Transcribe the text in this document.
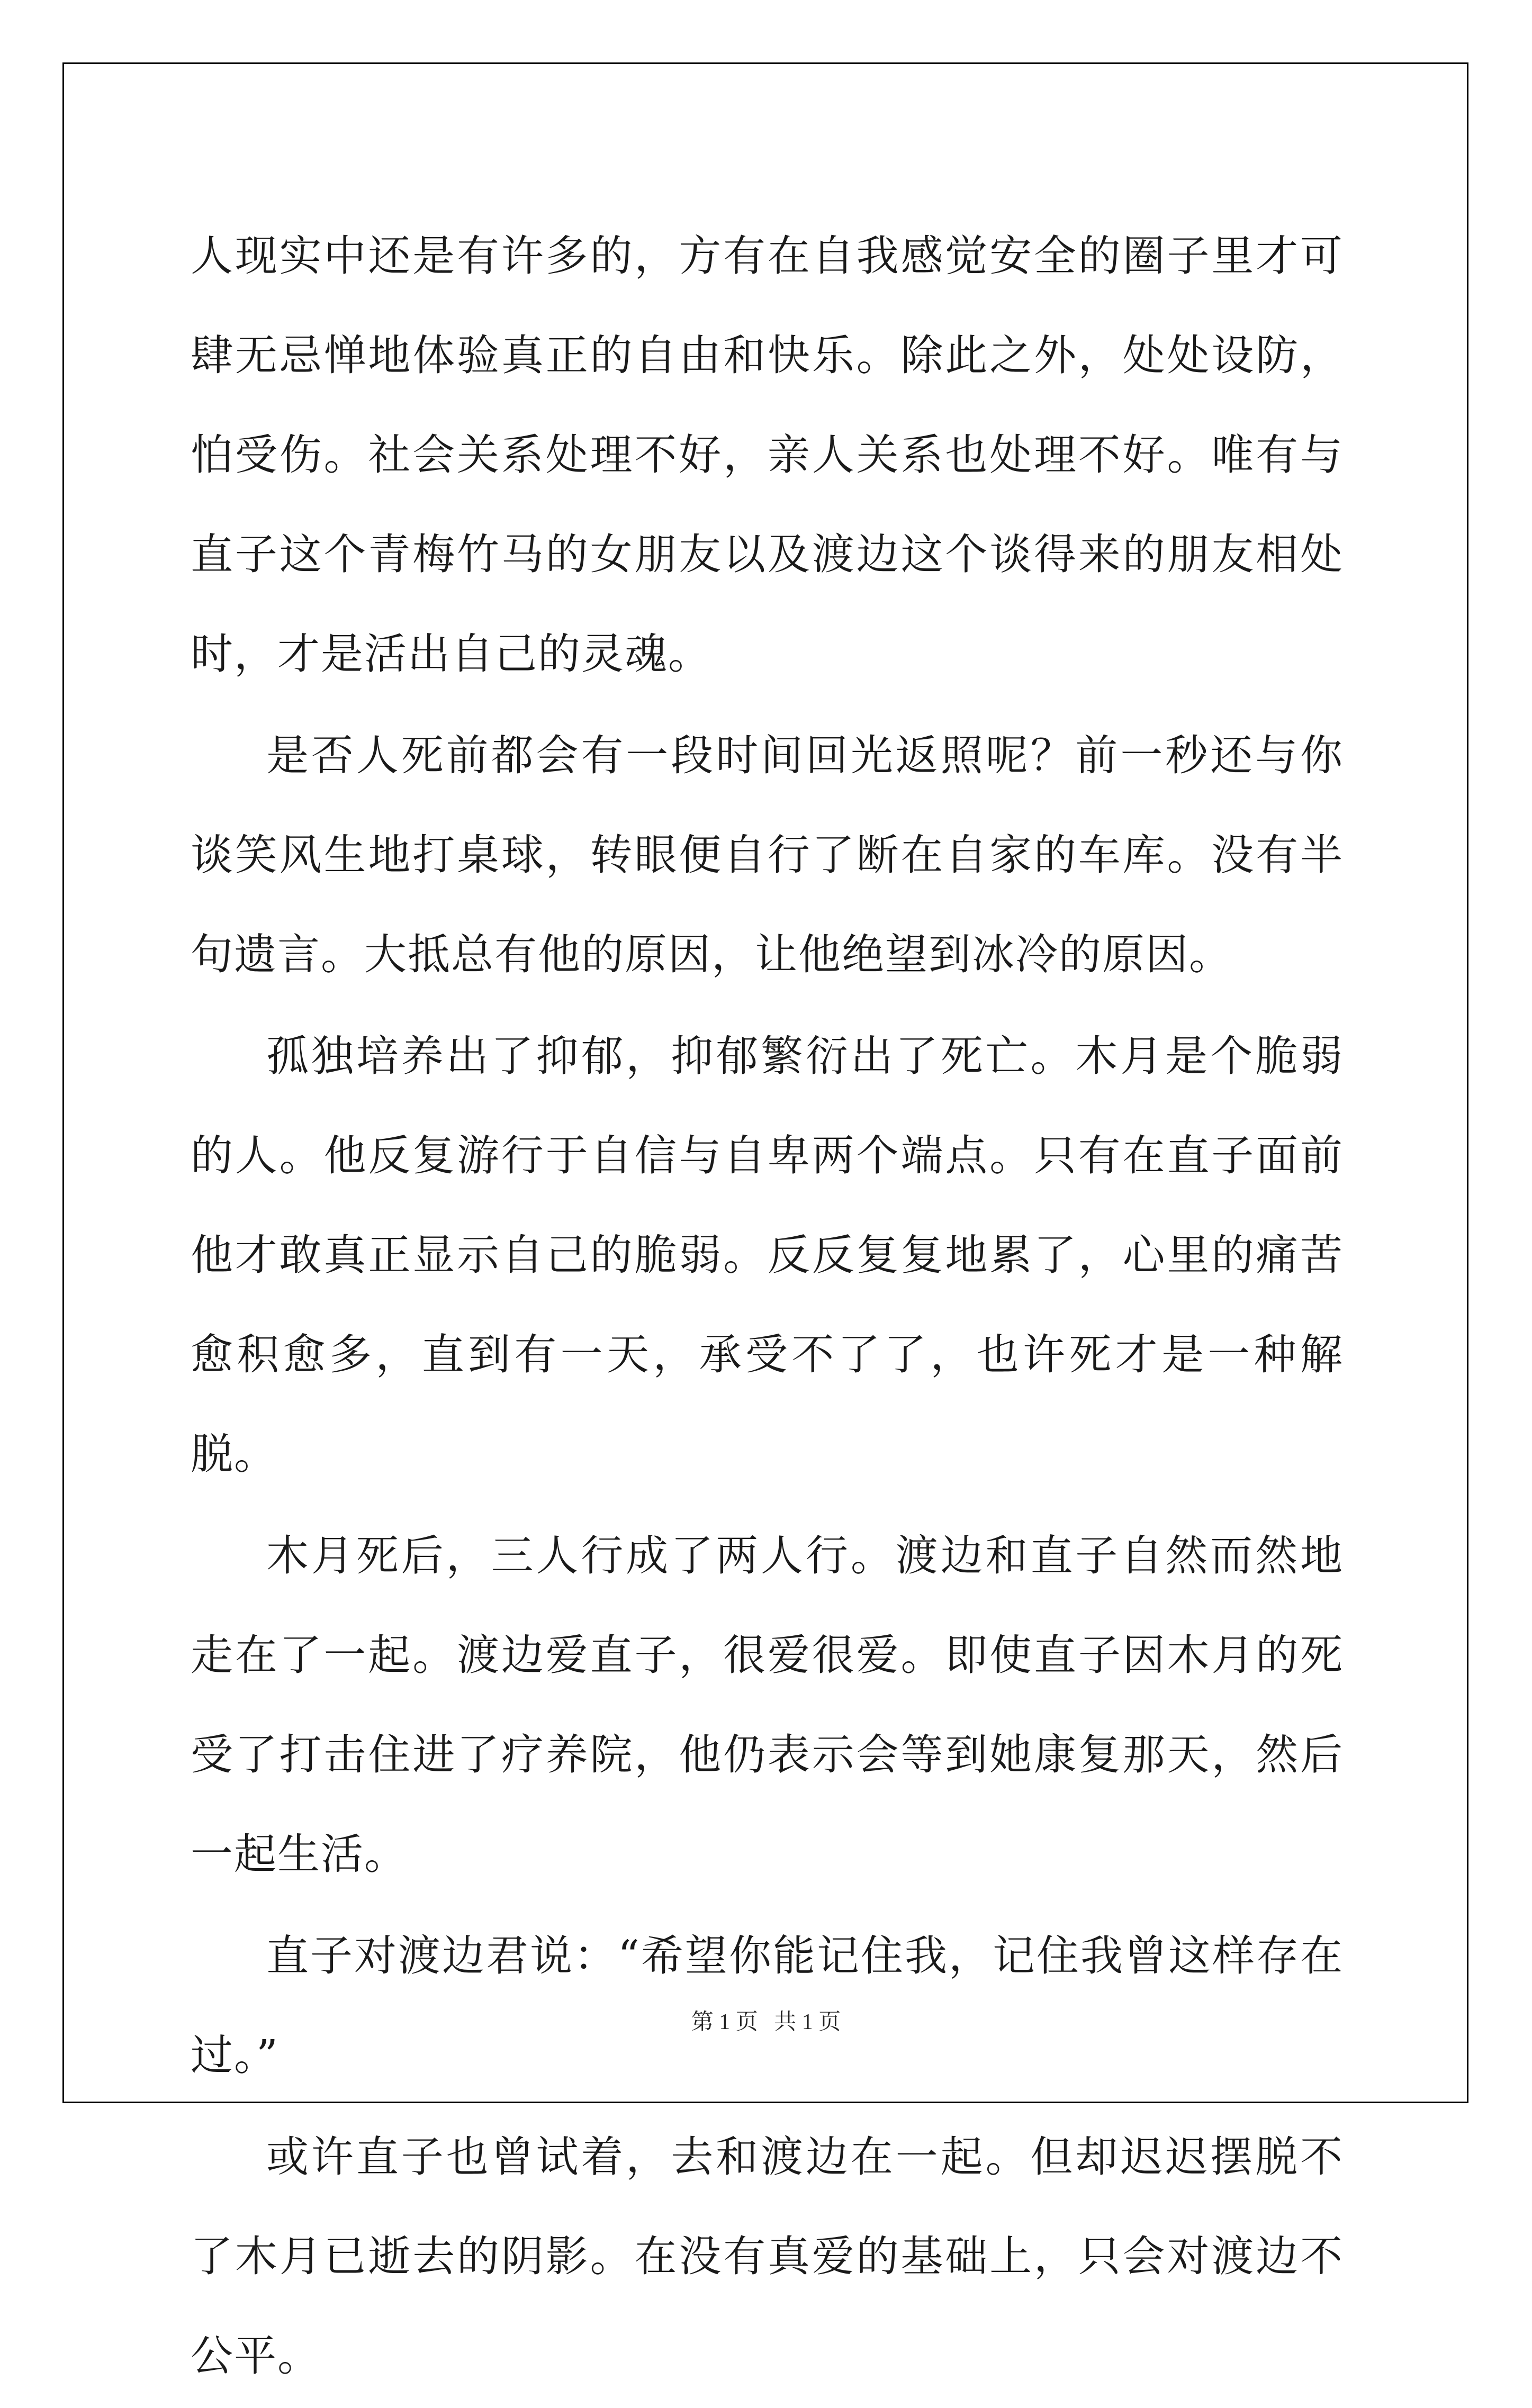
人现实中还是有许多的，方有在自我感觉安全的圈子里才可肆无忌惮地体验真正的自由和快乐。除此之外，处处设防，怕受伤。社会关系处理不好，亲人关系也处理不好。唯有与直子这个青梅竹马的女朋友以及渡边这个谈得来的朋友相处时，才是活出自己的灵魂。

是否人死前都会有一段时间回光返照呢？前一秒还与你谈笑风生地打桌球，转眼便自行了断在自家的车库。没有半句遗言。大抵总有他的原因，让他绝望到冰冷的原因。

孤独培养出了抑郁，抑郁繁衍出了死亡。木月是个脆弱的人。他反复游行于自信与自卑两个端点。只有在直子面前他才敢真正显示自己的脆弱。反反复复地累了，心里的痛苦愈积愈多，直到有一天，承受不了了，也许死才是一种解脱。

木月死后，三人行成了两人行。渡边和直子自然而然地走在了一起。渡边爱直子，很爱很爱。即使直子因木月的死受了打击住进了疗养院，他仍表示会等到她康复那天，然后一起生活。

直子对渡边君说：“希望你能记住我，记住我曾这样存在过。”

或许直子也曾试着，去和渡边在一起。但却迟迟摆脱不了木月已逝去的阴影。在没有真爱的基础上，只会对渡边不公平。

第 1 页 共 1 页
